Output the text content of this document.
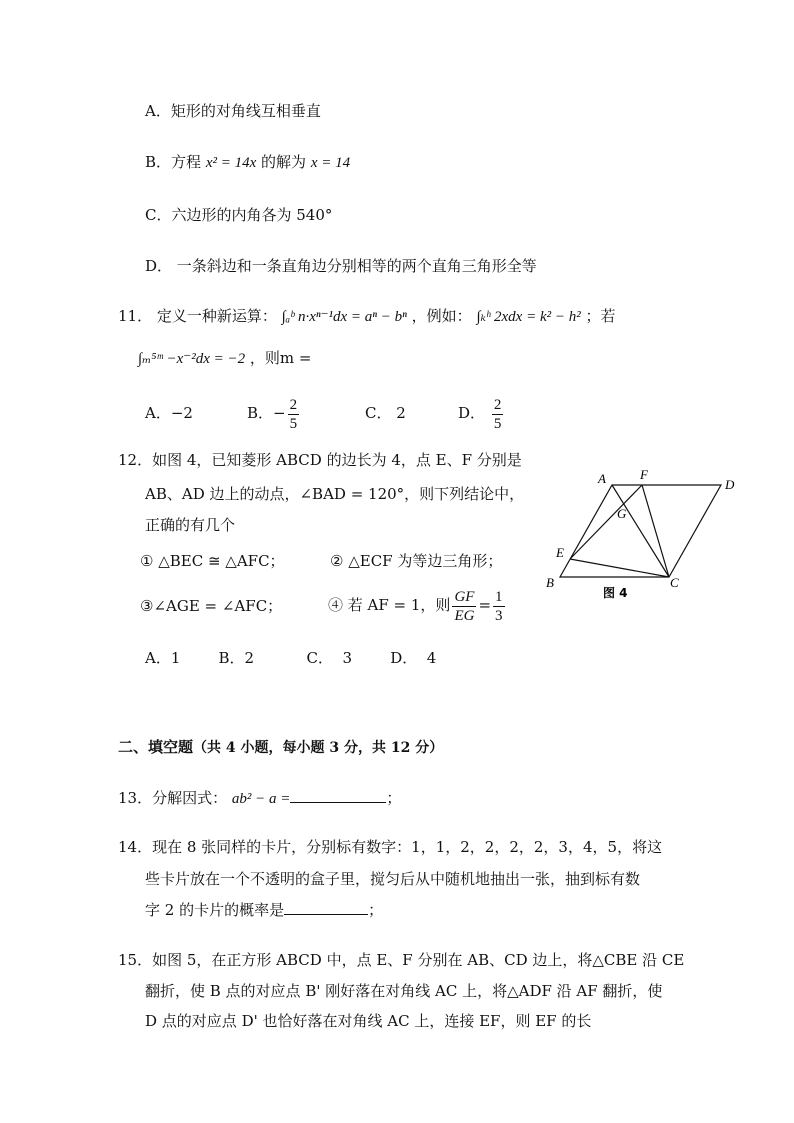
A．矩形的对角线互相垂直
B．方程 x² = 14x 的解为 x = 14
C．六边形的内角各为 540°
D． 一条斜边和一条直角边分别相等的两个直角三角形全等
11． 定义一种新运算： ∫ₐᵇ n·xⁿ⁻¹dx = aⁿ − bⁿ ，例如： ∫ₖʰ 2xdx = k² − h² ；若
∫ₘ⁵ᵐ −x⁻²dx = −2 ，则m =
A．−2	B．− $\frac{2}{5}$	C． 2	D． $\frac{2}{5}$
12．如图 4，已知菱形 ABCD 的边长为 4，点 E、F 分别是
AB、AD 边上的动点，∠BAD = 120°，则下列结论中，
正确的有几个
① △BEC ≅ △AFC；	② △ECF 为等边三角形；
③∠AGE = ∠AFC；	④ 若 AF = 1，则 $\frac{GF}{EG} = \frac{1}{3}$
A．1        B．2           C．  3        D．  4
A	F
D
G
E
B	C
图 4
二、填空题（共 4 小题，每小题 3 分，共 12 分）
13．分解因式： ab² − a =	；
14．现在 8 张同样的卡片，分别标有数字：1，1，2，2，2，2，3，4，5，将这
些卡片放在一个不透明的盒子里，搅匀后从中随机地抽出一张，抽到标有数
字 2 的卡片的概率是	；
15．如图 5，在正方形 ABCD 中，点 E、F 分别在 AB、CD 边上，将△CBE 沿 CE
翻折，使 B 点的对应点 B' 刚好落在对角线 AC 上，将△ADF 沿 AF 翻折，使
D 点的对应点 D' 也恰好落在对角线 AC 上，连接 EF，则 EF 的长
